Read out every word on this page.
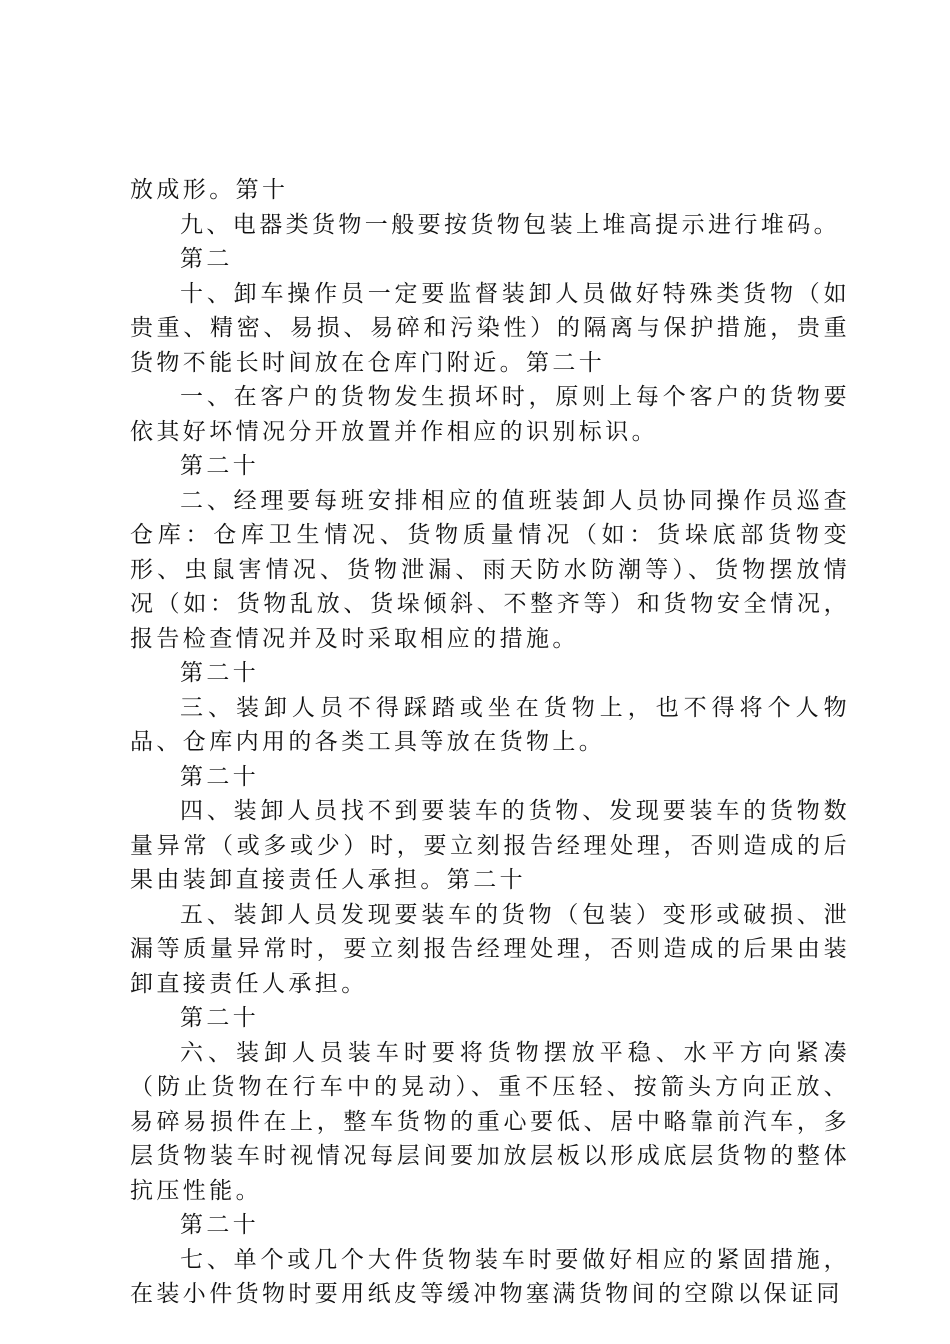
放成形。第十

九、电器类货物一般要按货物包装上堆高提示进行堆码。

第二

十、卸车操作员一定要监督装卸人员做好特殊类货物（如贵重、精密、易损、易碎和污染性）的隔离与保护措施，贵重货物不能长时间放在仓库门附近。第二十

一、在客户的货物发生损坏时，原则上每个客户的货物要依其好坏情况分开放置并作相应的识别标识。

第二十

二、经理要每班安排相应的值班装卸人员协同操作员巡查仓库：仓库卫生情况、货物质量情况（如：货垛底部货物变形、虫鼠害情况、货物泄漏、雨天防水防潮等）、货物摆放情况（如：货物乱放、货垛倾斜、不整齐等）和货物安全情况，报告检查情况并及时采取相应的措施。

第二十

三、装卸人员不得踩踏或坐在货物上，也不得将个人物品、仓库内用的各类工具等放在货物上。

第二十

四、装卸人员找不到要装车的货物、发现要装车的货物数量异常（或多或少）时，要立刻报告经理处理，否则造成的后果由装卸直接责任人承担。第二十

五、装卸人员发现要装车的货物（包装）变形或破损、泄漏等质量异常时，要立刻报告经理处理，否则造成的后果由装卸直接责任人承担。

第二十

六、装卸人员装车时要将货物摆放平稳、水平方向紧凑（防止货物在行车中的晃动）、重不压轻、按箭头方向正放、易碎易损件在上，整车货物的重心要低、居中略靠前汽车，多层货物装车时视情况每层间要加放层板以形成底层货物的整体抗压性能。

第二十

七、单个或几个大件货物装车时要做好相应的紧固措施，在装小件货物时要用纸皮等缓冲物塞满货物间的空隙以保证同
